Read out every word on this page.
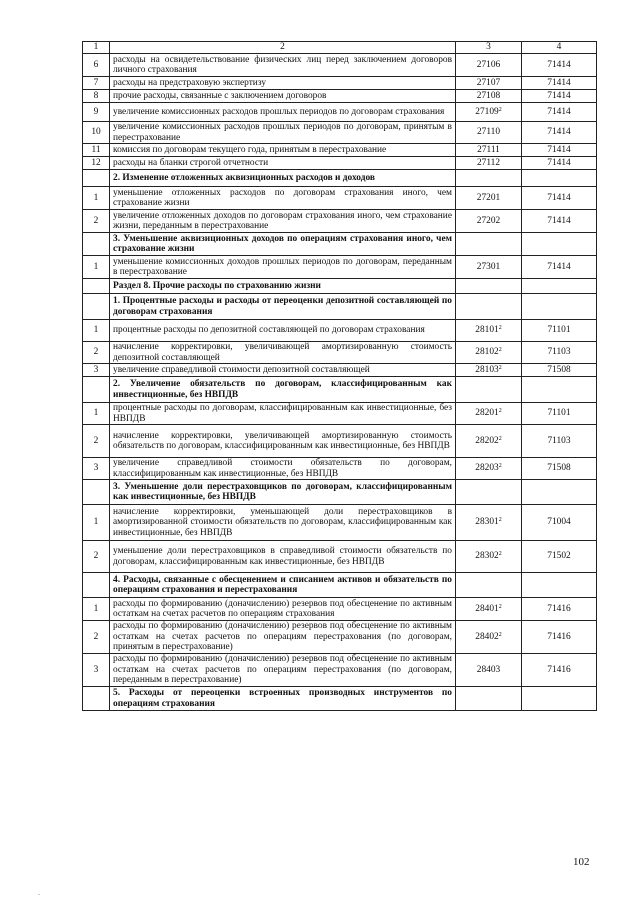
1	2	3	4
6	расходы на освидетельствование физических лиц перед заключением договоров личного страхования	27106	71414
7	расходы на предстраховую экспертизу	27107	71414
8	прочие расходы, связанные с заключением договоров	27108	71414
9	увеличение комиссионных расходов прошлых периодов по договорам страхования	27109$^2$	71414
10	увеличение комиссионных расходов прошлых периодов по договорам, принятым в перестрахование	27110	71414
11	комиссия по договорам текущего года, принятым в перестрахование	27111	71414
12	расходы на бланки строгой отчетности	27112	71414
	2. Изменение отложенных аквизиционных расходов и доходов		
1	уменьшение отложенных расходов по договорам страхования иного, чем страхование жизни	27201	71414
2	увеличение отложенных доходов по договорам страхования иного, чем страхование жизни, переданным в перестрахование	27202	71414
	3. Уменьшение аквизиционных доходов по операциям страхования иного, чем страхование жизни		
1	уменьшение комиссионных доходов прошлых периодов по договорам, переданным в перестрахование	27301	71414
	Раздел 8. Прочие расходы по страхованию жизни		
	1. Процентные расходы и расходы от переоценки депозитной составляющей по договорам страхования		
1	процентные расходы по депозитной составляющей по договорам страхования	28101$^2$	71101
2	начисление корректировки, увеличивающей амортизированную стоимость депозитной составляющей	28102$^2$	71103
3	увеличение справедливой стоимости депозитной составляющей	28103$^2$	71508
	2. Увеличение обязательств по договорам, классифицированным как инвестиционные, без НВПДВ		
1	процентные расходы по договорам, классифицированным как инвестиционные, без НВПДВ	28201$^2$	71101
2	начисление корректировки, увеличивающей амортизированную стоимость обязательств по договорам, классифицированным как инвестиционные, без НВПДВ	28202$^2$	71103
3	увеличение справедливой стоимости обязательств по договорам, классифицированным как инвестиционные, без НВПДВ	28203$^2$	71508
	3. Уменьшение доли перестраховщиков по договорам, классифицированным как инвестиционные, без НВПДВ		
1	начисление корректировки, уменьшающей доли перестраховщиков в амортизированной стоимости обязательств по договорам, классифицированным как инвестиционные, без НВПДВ	28301$^2$	71004
2	уменьшение доли перестраховщиков в справедливой стоимости обязательств по договорам, классифицированным как инвестиционные, без НВПДВ	28302$^2$	71502
	4. Расходы, связанные с обесценением и списанием активов и обязательств по операциям страхования и перестрахования		
1	расходы по формированию (доначислению) резервов под обесценение по активным остаткам на счетах расчетов по операциям страхования	28401$^2$	71416
2	расходы по формированию (доначислению) резервов под обесценение по активным остаткам на счетах расчетов по операциям перестрахования (по договорам, принятым в перестрахование)	28402$^2$	71416
3	расходы по формированию (доначислению) резервов под обесценение по активным остаткам на счетах расчетов по операциям перестрахования (по договорам, переданным в перестрахование)	28403	71416
	5. Расходы от переоценки встроенных производных инструментов по операциям страхования		
102
.
